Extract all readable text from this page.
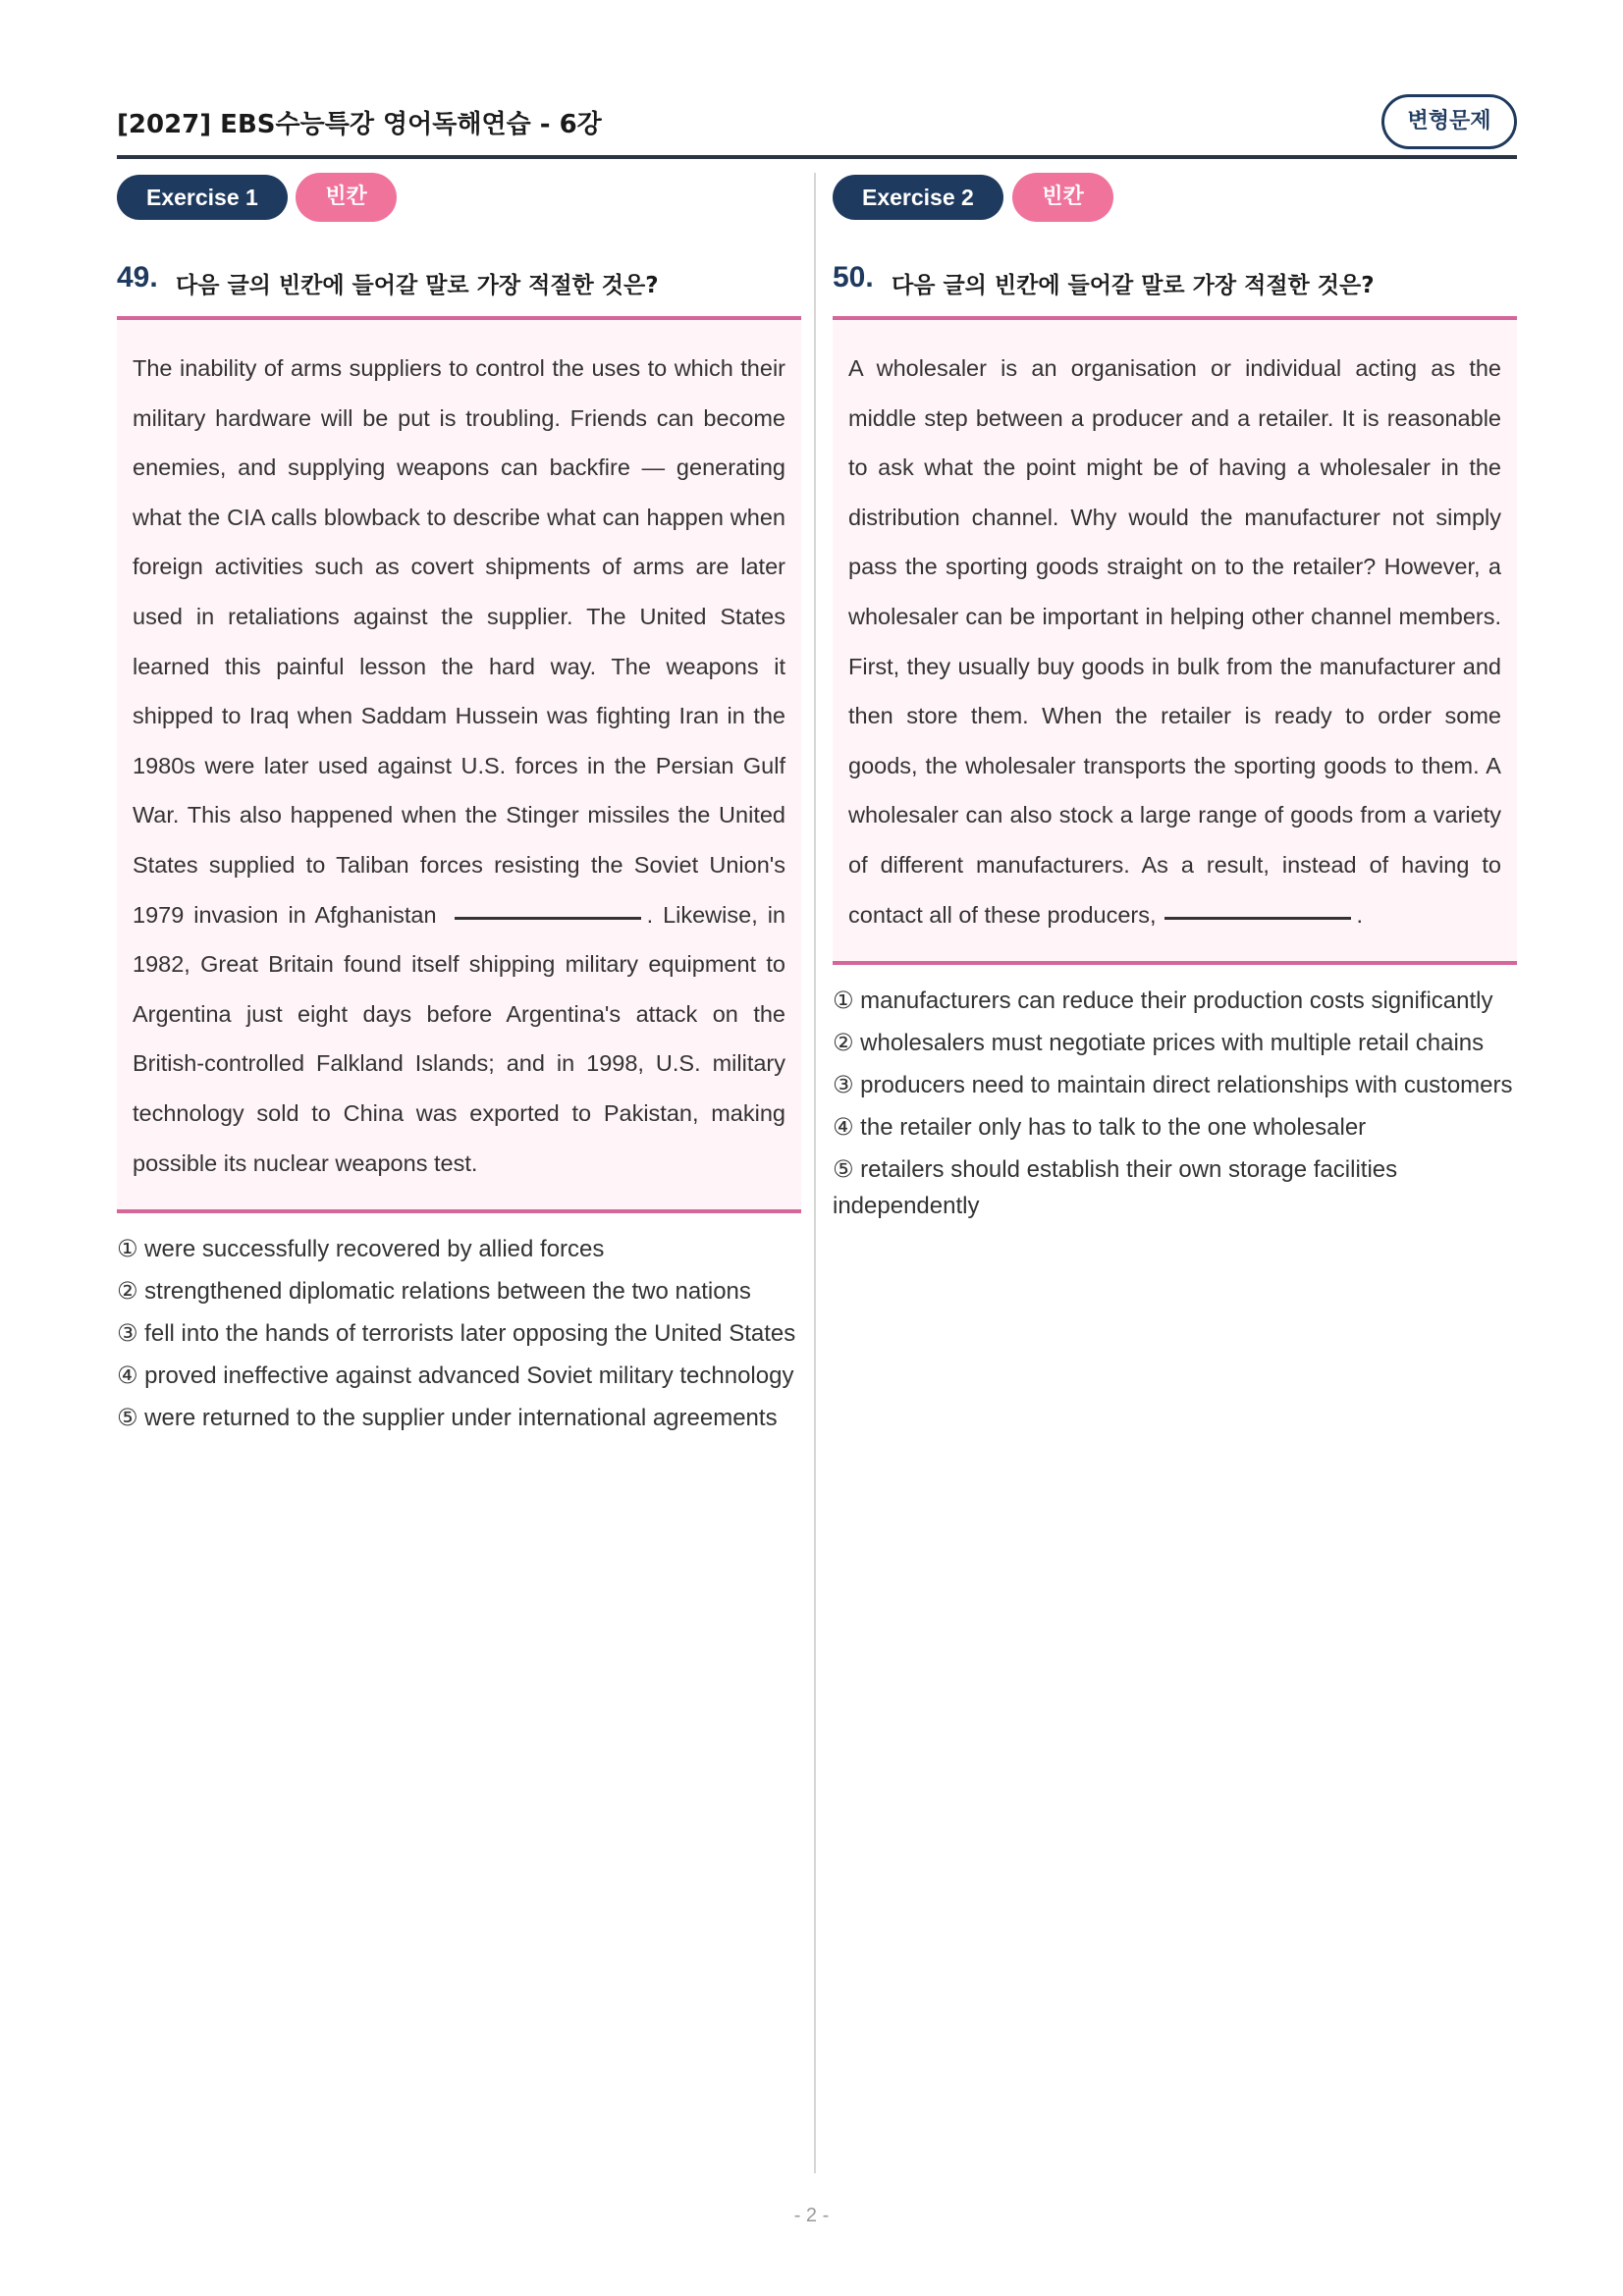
[2027] EBS수능특강 영어독해연습 - 6강	변형문제
Exercise 1	빈칸
49. 다음 글의 빈칸에 들어갈 말로 가장 적절한 것은?

The inability of arms suppliers to control the uses to which their military hardware will be put is troubling. Friends can become enemies, and supplying weapons can backfire — generating what the CIA calls blowback to describe what can happen when foreign activities such as covert shipments of arms are later used in retaliations against the supplier. The United States learned this painful lesson the hard way. The weapons it shipped to Iraq when Saddam Hussein was fighting Iran in the 1980s were later used against U.S. forces in the Persian Gulf War. This also happened when the Stinger missiles the United States supplied to Taliban forces resisting the Soviet Union's 1979 invasion in Afghanistan	. Likewise, in 1982, Great Britain found itself shipping military equipment to Argentina just eight days before Argentina's attack on the British-controlled Falkland Islands; and in 1998, U.S. military technology sold to China was exported to Pakistan, making possible its nuclear weapons test.

① were successfully recovered by allied forces
② strengthened diplomatic relations between the two nations
③ fell into the hands of terrorists later opposing the United States
④ proved ineffective against advanced Soviet military technology
⑤ were returned to the supplier under international agreements
Exercise 2	빈칸
50. 다음 글의 빈칸에 들어갈 말로 가장 적절한 것은?

A wholesaler is an organisation or individual acting as the middle step between a producer and a retailer. It is reasonable to ask what the point might be of having a wholesaler in the distribution channel. Why would the manufacturer not simply pass the sporting goods straight on to the retailer? However, a wholesaler can be important in helping other channel members. First, they usually buy goods in bulk from the manufacturer and then store them. When the retailer is ready to order some goods, the wholesaler transports the sporting goods to them. A wholesaler can also stock a large range of goods from a variety of different manufacturers. As a result, instead of having to contact all of these producers,	.

① manufacturers can reduce their production costs significantly
② wholesalers must negotiate prices with multiple retail chains
③ producers need to maintain direct relationships with customers
④ the retailer only has to talk to the one wholesaler
⑤ retailers should establish their own storage facilities independently
- 2 -
